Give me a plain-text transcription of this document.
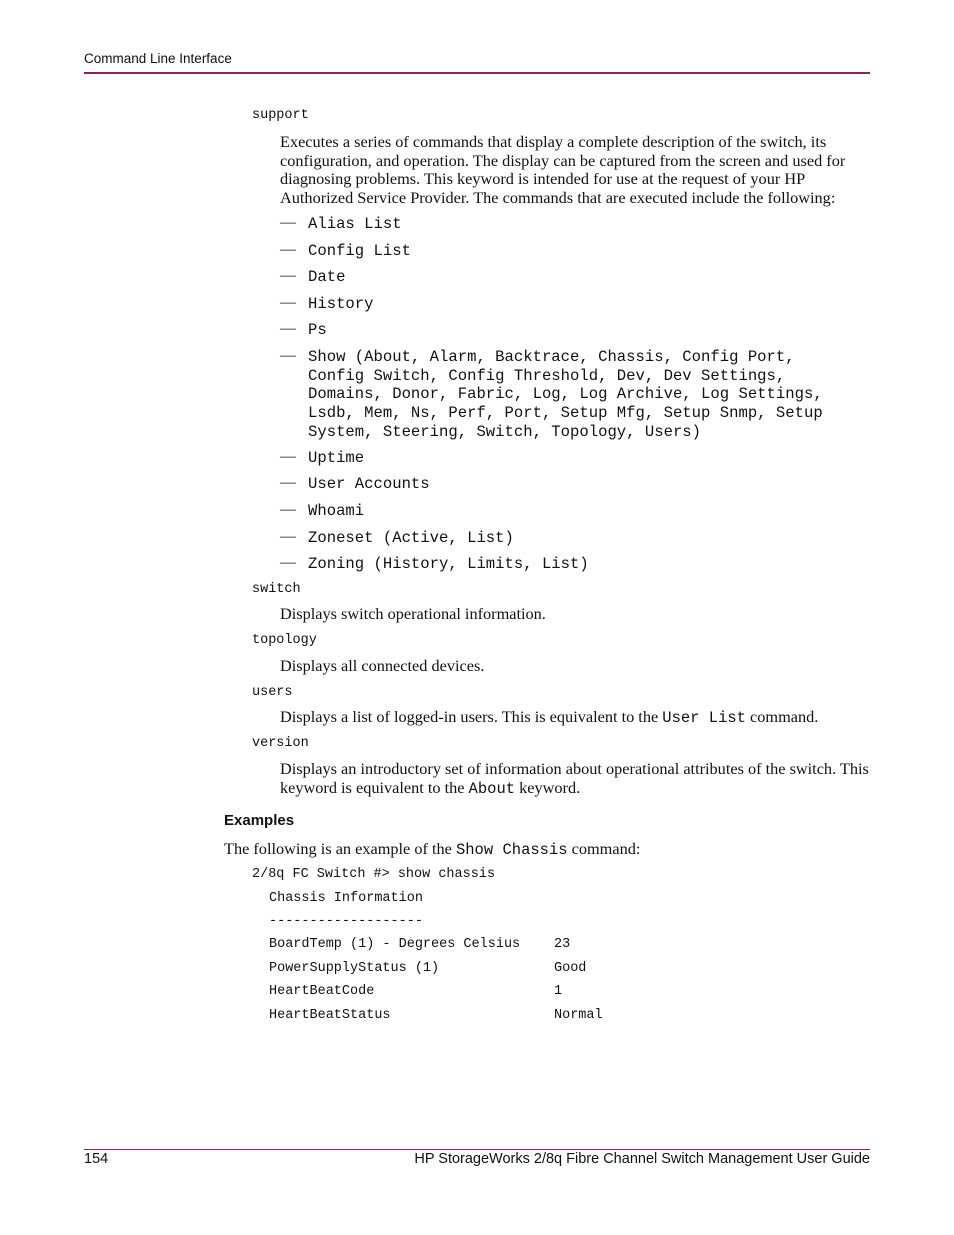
Command Line Interface
support
Executes a series of commands that display a complete description of the switch, its configuration, and operation. The display can be captured from the screen and used for diagnosing problems. This keyword is intended for use at the request of your HP Authorized Service Provider. The commands that are executed include the following:
— Alias List
— Config List
— Date
— History
— Ps
— Show (About, Alarm, Backtrace, Chassis, Config Port,
Config Switch, Config Threshold, Dev, Dev Settings,
Domains, Donor, Fabric, Log, Log Archive, Log Settings,
Lsdb, Mem, Ns, Perf, Port, Setup Mfg, Setup Snmp, Setup
System, Steering, Switch, Topology, Users)
— Uptime
— User Accounts
— Whoami
— Zoneset (Active, List)
— Zoning (History, Limits, List)
switch
Displays switch operational information.
topology
Displays all connected devices.
users
Displays a list of logged-in users. This is equivalent to the User List command.
version
Displays an introductory set of information about operational attributes of the switch. This keyword is equivalent to the About keyword.
Examples
The following is an example of the Show Chassis command:
2/8q FC Switch #> show chassis
Chassis Information
-------------------
BoardTemp (1) - Degrees Celsius	23
PowerSupplyStatus (1)	Good
HeartBeatCode	1
HeartBeatStatus	Normal
154	HP StorageWorks 2/8q Fibre Channel Switch Management User Guide
